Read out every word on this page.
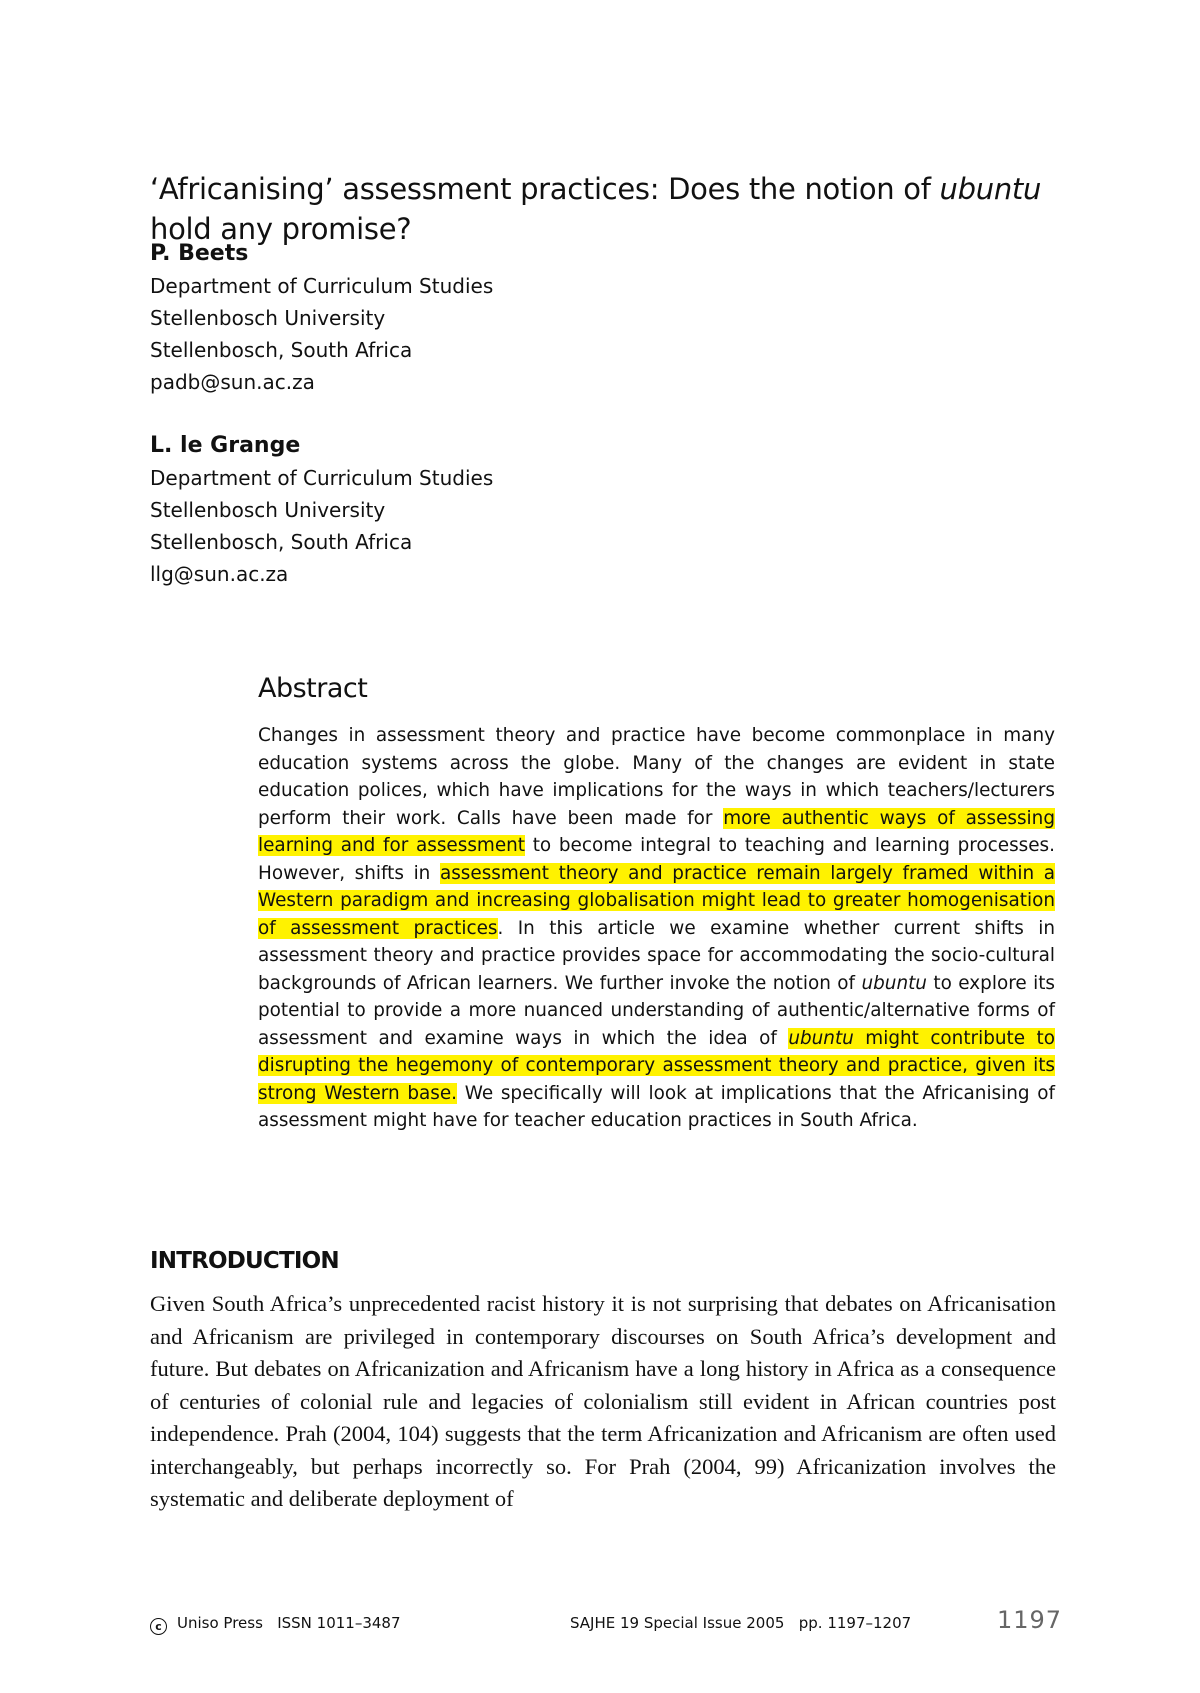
‘Africanising’ assessment practices: Does the notion of ubuntu
hold any promise?
P. Beets
Department of Curriculum Studies
Stellenbosch University
Stellenbosch, South Africa
padb@sun.ac.za
L. le Grange
Department of Curriculum Studies
Stellenbosch University
Stellenbosch, South Africa
llg@sun.ac.za
Abstract

Changes in assessment theory and practice have become commonplace in many education systems across the globe. Many of the changes are evident in state education polices, which have implications for the ways in which teachers/lecturers perform their work. Calls have been made for more authentic ways of assessing learning and for assessment to become integral to teaching and learning processes. However, shifts in assessment theory and practice remain largely framed within a Western paradigm and increasing globalisation might lead to greater homogenisation of assessment practices. In this article we examine whether current shifts in assessment theory and practice provides space for accommodating the socio-cultural backgrounds of African learners. We further invoke the notion of ubuntu to explore its potential to provide a more nuanced understanding of authentic/alternative forms of assessment and examine ways in which the idea of ubuntu might contribute to disrupting the hegemony of contemporary assessment theory and practice, given its strong Western base. We specifically will look at implications that the Africanising of assessment might have for teacher education practices in South Africa.

INTRODUCTION

Given South Africa’s unprecedented racist history it is not surprising that debates on Africanisation and Africanism are privileged in contemporary discourses on South Africa’s development and future. But debates on Africanization and Africanism have a long history in Africa as a consequence of centuries of colonial rule and legacies of colonialism still evident in African countries post independence. Prah (2004, 104) suggests that the term Africanization and Africanism are often used interchangeably, but perhaps incorrectly so. For Prah (2004, 99) Africanization involves the systematic and deliberate deployment of

c Uniso Press ISSN 1011–3487	SAJHE 19 Special Issue 2005 pp. 1197–1207	1197
